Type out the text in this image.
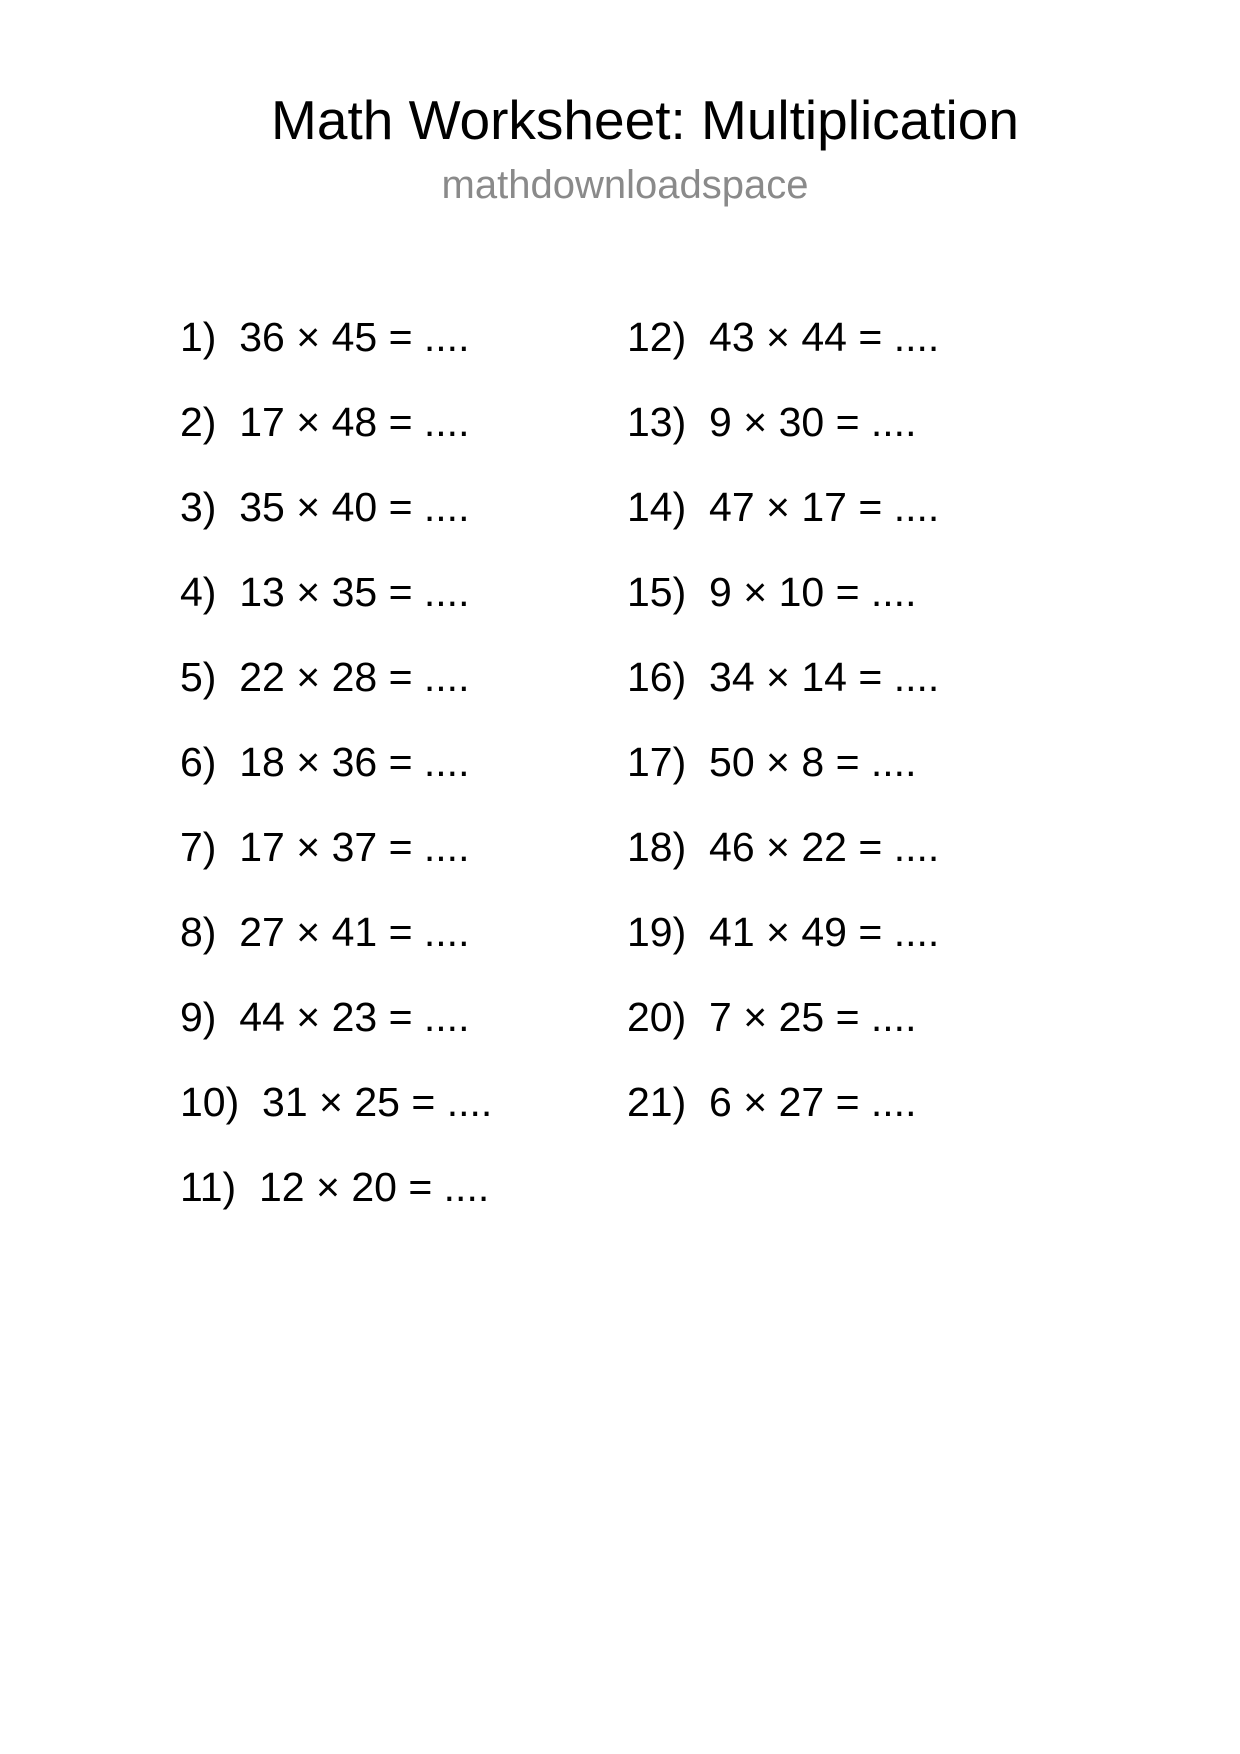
Math Worksheet: Multiplication
mathdownloadspace
1)  36 × 45 = ....
2)  17 × 48 = ....
3)  35 × 40 = ....
4)  13 × 35 = ....
5)  22 × 28 = ....
6)  18 × 36 = ....
7)  17 × 37 = ....
8)  27 × 41 = ....
9)  44 × 23 = ....
10)  31 × 25 = ....
11)  12 × 20 = ....
12)  43 × 44 = ....
13)  9 × 30 = ....
14)  47 × 17 = ....
15)  9 × 10 = ....
16)  34 × 14 = ....
17)  50 × 8 = ....
18)  46 × 22 = ....
19)  41 × 49 = ....
20)  7 × 25 = ....
21)  6 × 27 = ....
